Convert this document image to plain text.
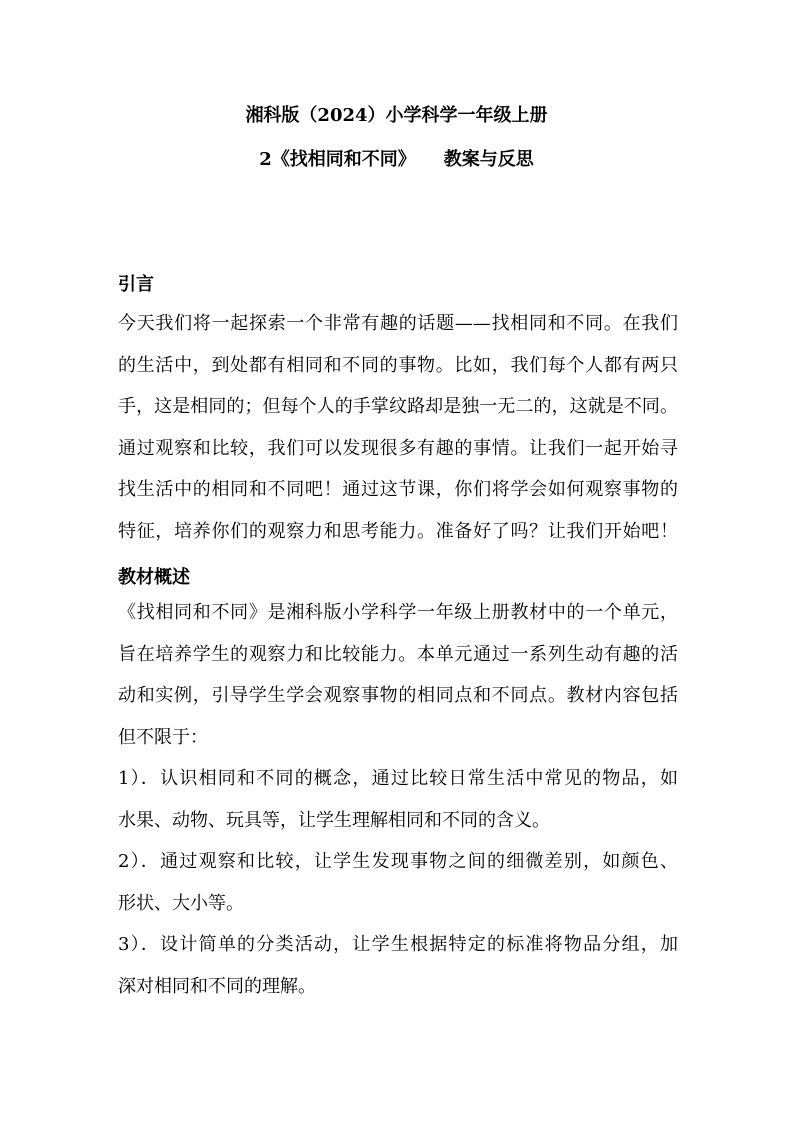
湘科版（2024）小学科学一年级上册
2《找相同和不同》 教案与反思
引言
今天我们将一起探索一个非常有趣的话题——找相同和不同。在我们
的生活中，到处都有相同和不同的事物。比如，我们每个人都有两只
手，这是相同的；但每个人的手掌纹路却是独一无二的，这就是不同。
通过观察和比较，我们可以发现很多有趣的事情。让我们一起开始寻
找生活中的相同和不同吧！通过这节课，你们将学会如何观察事物的
特征，培养你们的观察力和思考能力。准备好了吗？让我们开始吧！
教材概述
《找相同和不同》是湘科版小学科学一年级上册教材中的一个单元，
旨在培养学生的观察力和比较能力。本单元通过一系列生动有趣的活
动和实例，引导学生学会观察事物的相同点和不同点。教材内容包括
但不限于：
1）．认识相同和不同的概念，通过比较日常生活中常见的物品，如
水果、动物、玩具等，让学生理解相同和不同的含义。
2）．通过观察和比较，让学生发现事物之间的细微差别，如颜色、
形状、大小等。
3）．设计简单的分类活动，让学生根据特定的标准将物品分组，加
深对相同和不同的理解。
